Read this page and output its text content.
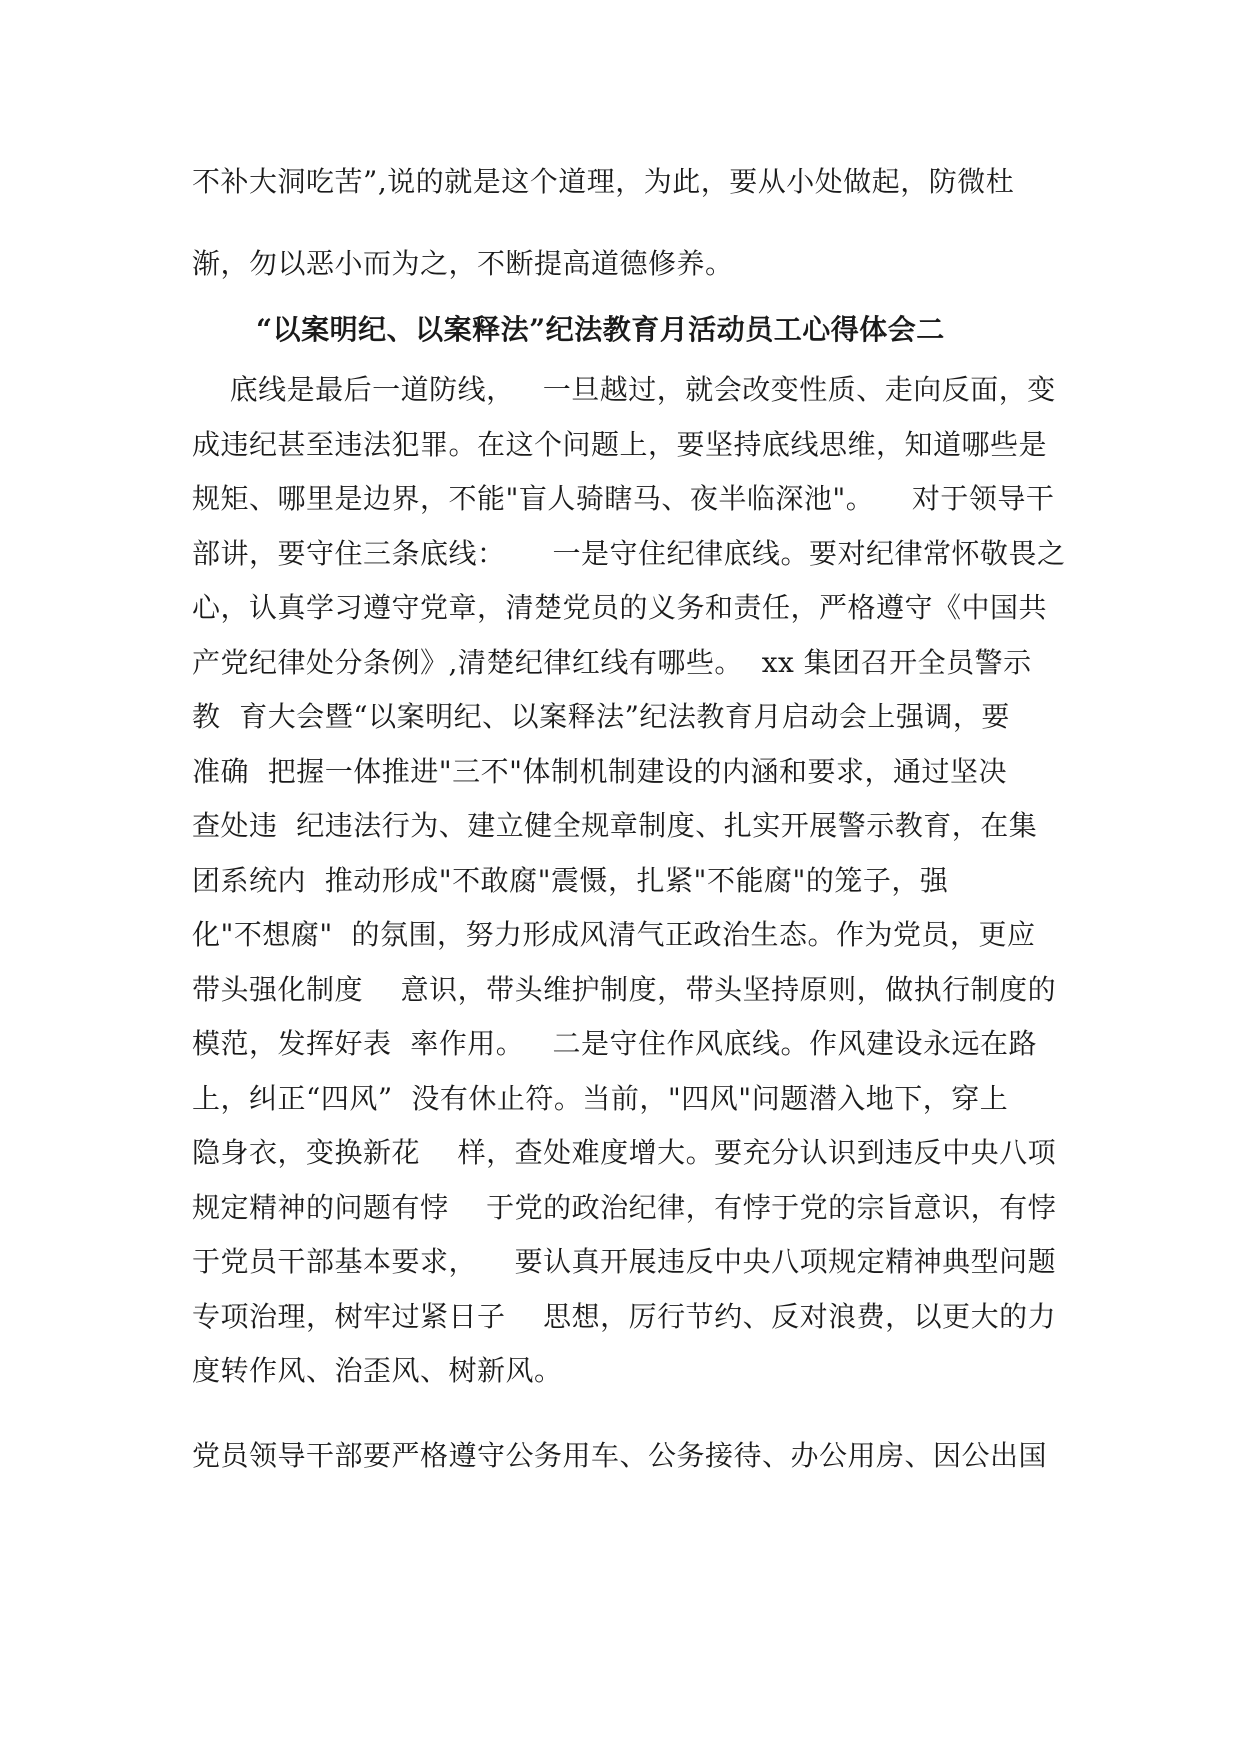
不补大洞吃苦”,说的就是这个道理，为此，要从小处做起，防微杜
渐，勿以恶小而为之，不断提高道德修养。
“以案明纪、以案释法”纪法教育月活动员工心得体会二
底线是最后一道防线，   一旦越过，就会改变性质、走向反面，变
成违纪甚至违法犯罪。在这个问题上，要坚持底线思维，知道哪些是
规矩、哪里是边界，不能"盲人骑瞎马、夜半临深池"。    对于领导干
部讲，要守住三条底线：     一是守住纪律底线。要对纪律常怀敬畏之
心，认真学习遵守党章，清楚党员的义务和责任，严格遵守《中国共
产党纪律处分条例》,清楚纪律红线有哪些。  xx 集团召开全员警示
教  育大会暨“以案明纪、以案释法”纪法教育月启动会上强调，要
准确  把握一体推进"三不"体制机制建设的内涵和要求，通过坚决
查处违  纪违法行为、建立健全规章制度、扎实开展警示教育，在集
团系统内  推动形成"不敢腐"震慑，扎紧"不能腐"的笼子，强
化"不想腐"  的氛围，努力形成风清气正政治生态。作为党员，更应
带头强化制度    意识，带头维护制度，带头坚持原则，做执行制度的
模范，发挥好表  率作用。   二是守住作风底线。作风建设永远在路
上，纠正“四风”  没有休止符。当前，"四风"问题潜入地下，穿上
隐身衣，变换新花    样，查处难度增大。要充分认识到违反中央八项
规定精神的问题有悖    于党的政治纪律，有悖于党的宗旨意识，有悖
于党员干部基本要求，    要认真开展违反中央八项规定精神典型问题
专项治理，树牢过紧日子    思想，厉行节约、反对浪费，以更大的力
度转作风、治歪风、树新风。
党员领导干部要严格遵守公务用车、公务接待、办公用房、因公出国
